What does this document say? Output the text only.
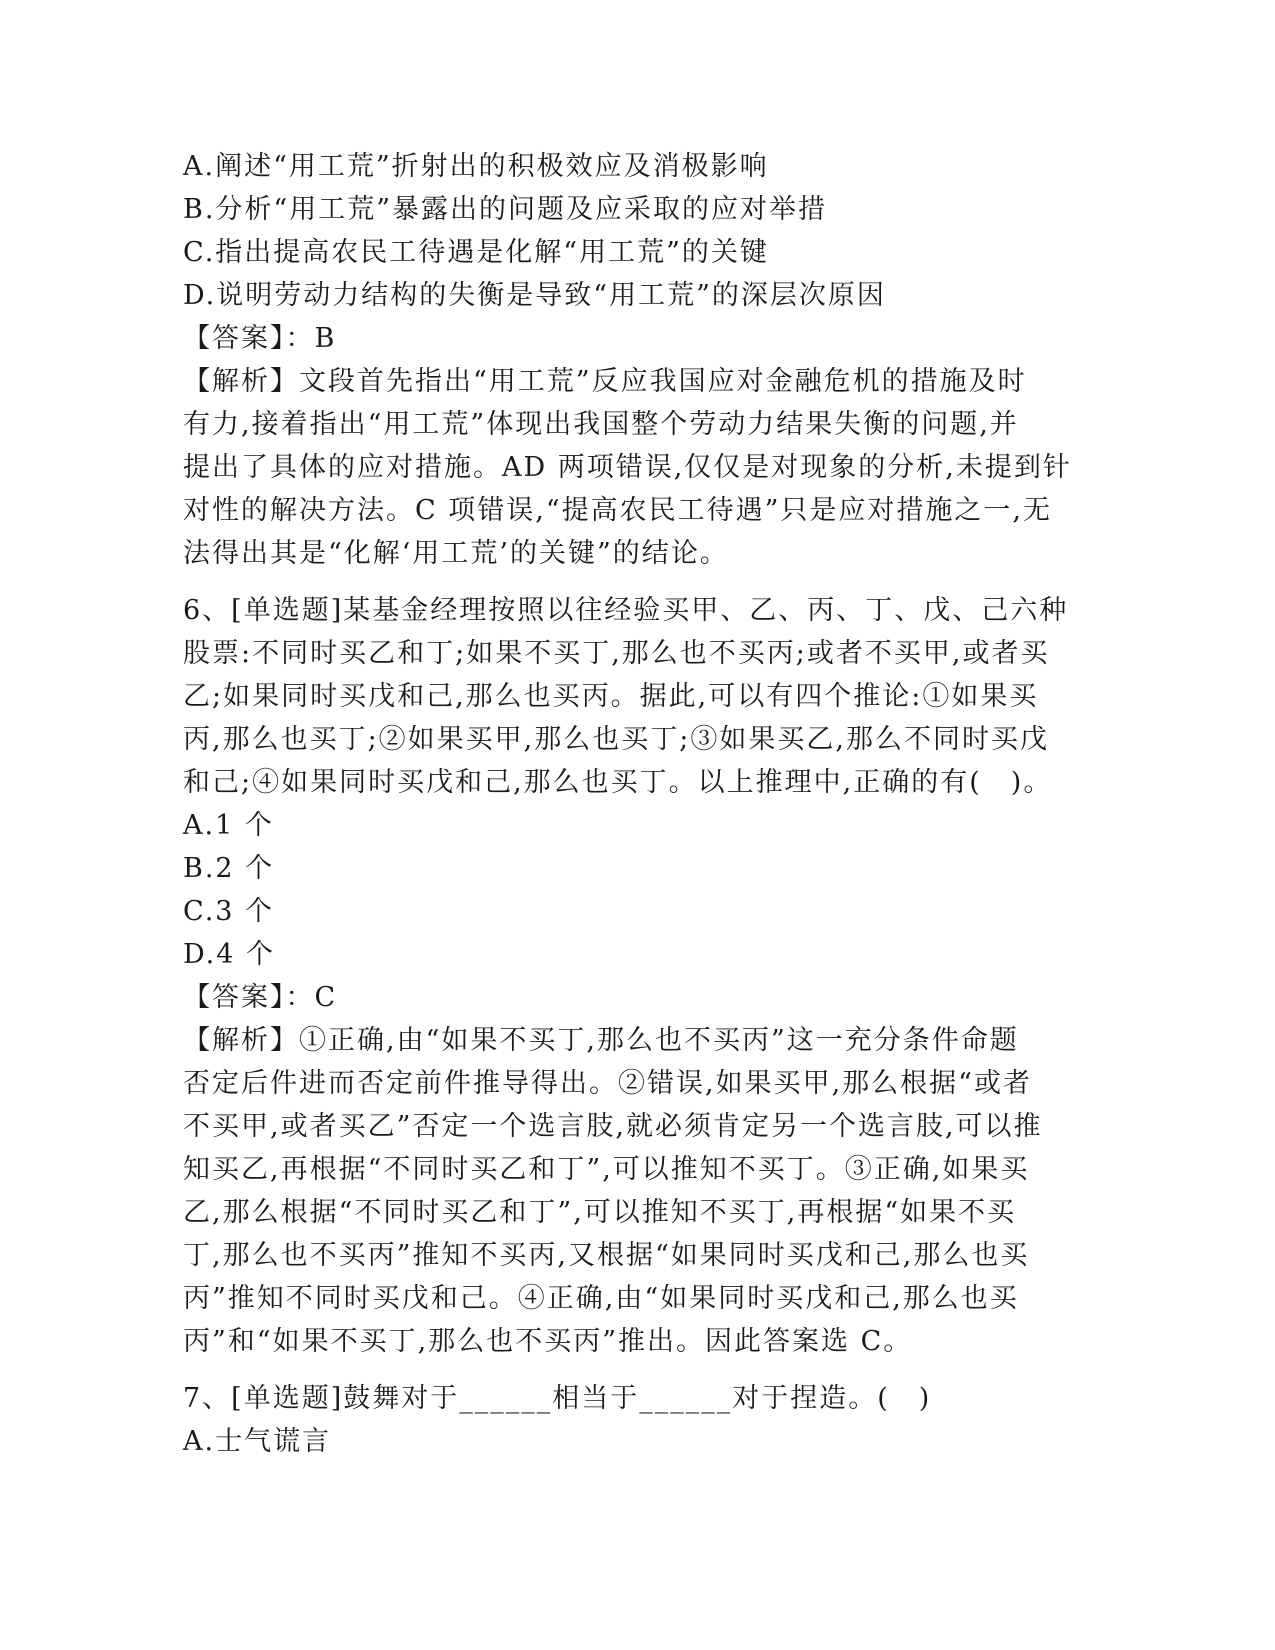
A.阐述“用工荒”折射出的积极效应及消极影响
B.分析“用工荒”暴露出的问题及应采取的应对举措
C.指出提高农民工待遇是化解“用工荒”的关键
D.说明劳动力结构的失衡是导致“用工荒”的深层次原因
【答案】：B
【解析】文段首先指出“用工荒”反应我国应对金融危机的措施及时
有力,接着指出“用工荒”体现出我国整个劳动力结果失衡的问题,并
提出了具体的应对措施。AD 两项错误,仅仅是对现象的分析,未提到针
对性的解决方法。C 项错误,“提高农民工待遇”只是应对措施之一,无
法得出其是“化解‘用工荒’的关键”的结论。
6、[单选题]某基金经理按照以往经验买甲、乙、丙、丁、戊、己六种
股票:不同时买乙和丁;如果不买丁,那么也不买丙;或者不买甲,或者买
乙;如果同时买戊和己,那么也买丙。据此,可以有四个推论:①如果买
丙,那么也买丁;②如果买甲,那么也买丁;③如果买乙,那么不同时买戊
和己;④如果同时买戊和己,那么也买丁。以上推理中,正确的有(　)。
A.1 个
B.2 个
C.3 个
D.4 个
【答案】：C
【解析】①正确,由“如果不买丁,那么也不买丙”这一充分条件命题
否定后件进而否定前件推导得出。②错误,如果买甲,那么根据“或者
不买甲,或者买乙”否定一个选言肢,就必须肯定另一个选言肢,可以推
知买乙,再根据“不同时买乙和丁”,可以推知不买丁。③正确,如果买
乙,那么根据“不同时买乙和丁”,可以推知不买丁,再根据“如果不买
丁,那么也不买丙”推知不买丙,又根据“如果同时买戊和己,那么也买
丙”推知不同时买戊和己。④正确,由“如果同时买戊和己,那么也买
丙”和“如果不买丁,那么也不买丙”推出。因此答案选 C。
7、[单选题]鼓舞对于______相当于______对于捏造。(　)
A.士气谎言
